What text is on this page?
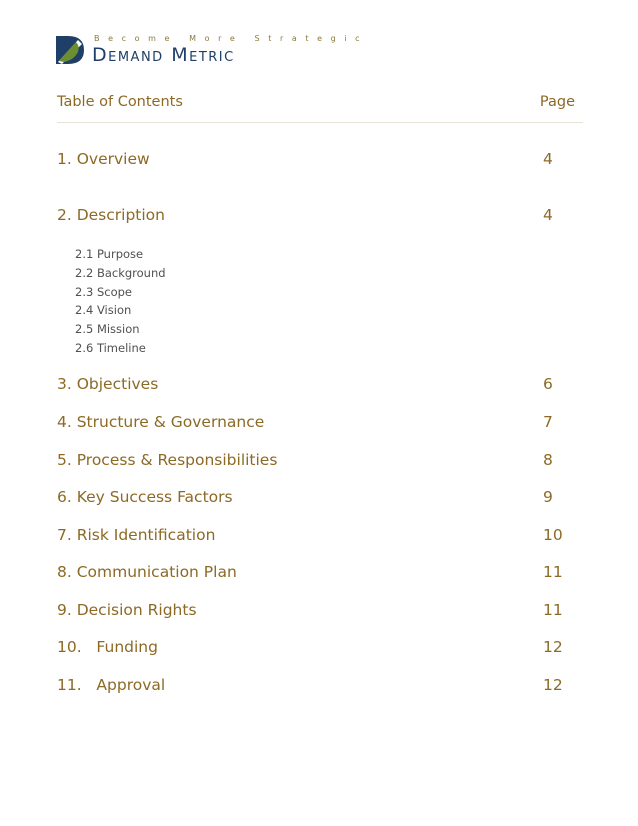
Become More Strategic
Demand Metric
Table of Contents	Page
1. Overview	4
2. Description	4
2.1 Purpose
2.2 Background
2.3 Scope
2.4 Vision
2.5 Mission
2.6 Timeline
3. Objectives	6
4. Structure & Governance	7
5. Process & Responsibilities	8
6. Key Success Factors	9
7. Risk Identification	10
8. Communication Plan	11
9. Decision Rights	11
10.   Funding	12
11.   Approval	12
